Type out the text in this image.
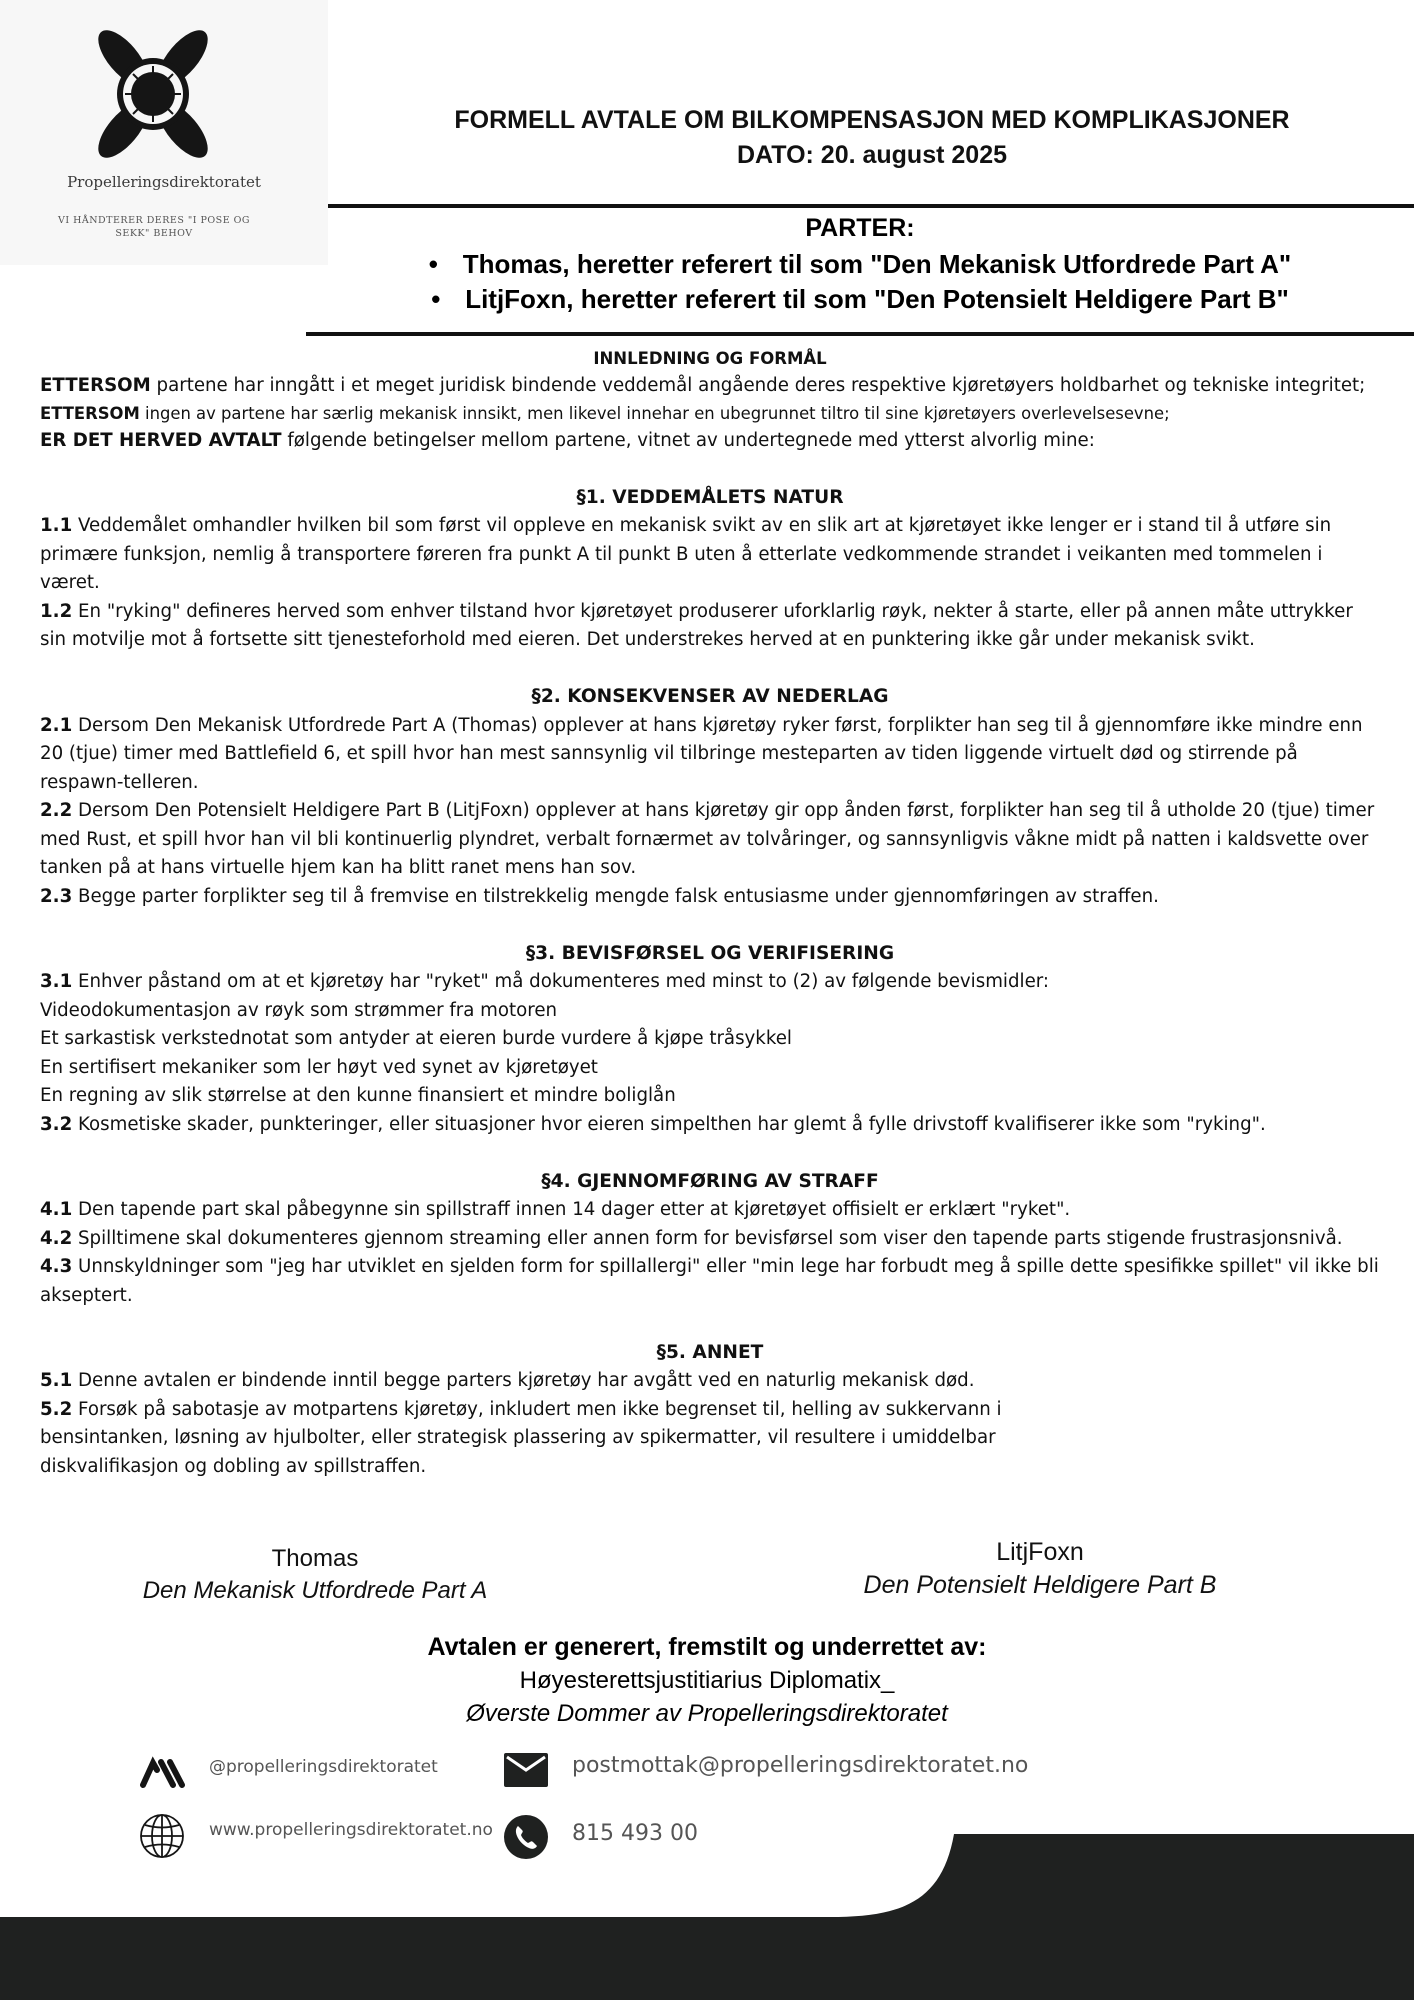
Propelleringsdirektoratet
VI HÅNDTERER DERES "I POSE OG SEKK" BEHOV
FORMELL AVTALE OM BILKOMPENSASJON MED KOMPLIKASJONER
DATO: 20. august 2025
PARTER:
• Thomas, heretter referert til som "Den Mekanisk Utfordrede Part A"
• LitjFoxn, heretter referert til som "Den Potensielt Heldigere Part B"

INNLEDNING OG FORMÅL

ETTERSOM partene har inngått i et meget juridisk bindende veddemål angående deres respektive kjøretøyers holdbarhet og tekniske integritet;

ETTERSOM ingen av partene har særlig mekanisk innsikt, men likevel innehar en ubegrunnet tiltro til sine kjøretøyers overlevelsesevne;

ER DET HERVED AVTALT følgende betingelser mellom partene, vitnet av undertegnede med ytterst alvorlig mine:

§1. VEDDEMÅLETS NATUR

1.1 Veddemålet omhandler hvilken bil som først vil oppleve en mekanisk svikt av en slik art at kjøretøyet ikke lenger er i stand til å utføre sin primære funksjon, nemlig å transportere føreren fra punkt A til punkt B uten å etterlate vedkommende strandet i veikanten med tommelen i været.

1.2 En "ryking" defineres herved som enhver tilstand hvor kjøretøyet produserer uforklarlig røyk, nekter å starte, eller på annen måte uttrykker sin motvilje mot å fortsette sitt tjenesteforhold med eieren. Det understrekes herved at en punktering ikke går under mekanisk svikt.

§2. KONSEKVENSER AV NEDERLAG

2.1 Dersom Den Mekanisk Utfordrede Part A (Thomas) opplever at hans kjøretøy ryker først, forplikter han seg til å gjennomføre ikke mindre enn 20 (tjue) timer med Battlefield 6, et spill hvor han mest sannsynlig vil tilbringe mesteparten av tiden liggende virtuelt død og stirrende på respawn-telleren.

2.2 Dersom Den Potensielt Heldigere Part B (LitjFoxn) opplever at hans kjøretøy gir opp ånden først, forplikter han seg til å utholde 20 (tjue) timer med Rust, et spill hvor han vil bli kontinuerlig plyndret, verbalt fornærmet av tolvåringer, og sannsynligvis våkne midt på natten i kaldsvette over tanken på at hans virtuelle hjem kan ha blitt ranet mens han sov.

2.3 Begge parter forplikter seg til å fremvise en tilstrekkelig mengde falsk entusiasme under gjennomføringen av straffen.

§3. BEVISFØRSEL OG VERIFISERING

3.1 Enhver påstand om at et kjøretøy har "ryket" må dokumenteres med minst to (2) av følgende bevismidler:

Videodokumentasjon av røyk som strømmer fra motoren

Et sarkastisk verkstednotat som antyder at eieren burde vurdere å kjøpe tråsykkel

En sertifisert mekaniker som ler høyt ved synet av kjøretøyet

En regning av slik størrelse at den kunne finansiert et mindre boliglån

3.2 Kosmetiske skader, punkteringer, eller situasjoner hvor eieren simpelthen har glemt å fylle drivstoff kvalifiserer ikke som "ryking".

§4. GJENNOMFØRING AV STRAFF

4.1 Den tapende part skal påbegynne sin spillstraff innen 14 dager etter at kjøretøyet offisielt er erklært "ryket".

4.2 Spilltimene skal dokumenteres gjennom streaming eller annen form for bevisførsel som viser den tapende parts stigende frustrasjonsnivå.

4.3 Unnskyldninger som "jeg har utviklet en sjelden form for spillallergi" eller "min lege har forbudt meg å spille dette spesifikke spillet" vil ikke bli akseptert.

§5. ANNET

5.1 Denne avtalen er bindende inntil begge parters kjøretøy har avgått ved en naturlig mekanisk død.

5.2 Forsøk på sabotasje av motpartens kjøretøy, inkludert men ikke begrenset til, helling av sukkervann i bensintanken, løsning av hjulbolter, eller strategisk plassering av spikermatter, vil resultere i umiddelbar diskvalifikasjon og dobling av spillstraffen.

Thomas
Den Mekanisk Utfordrede Part A
LitjFoxn
Den Potensielt Heldigere Part B
Avtalen er generert, fremstilt og underrettet av:
Høyesterettsjustitiarius Diplomatix_
Øverste Dommer av Propelleringsdirektoratet
@propelleringsdirektoratet	postmottak@propelleringsdirektoratet.no
www.propelleringsdirektoratet.no	815 493 00
